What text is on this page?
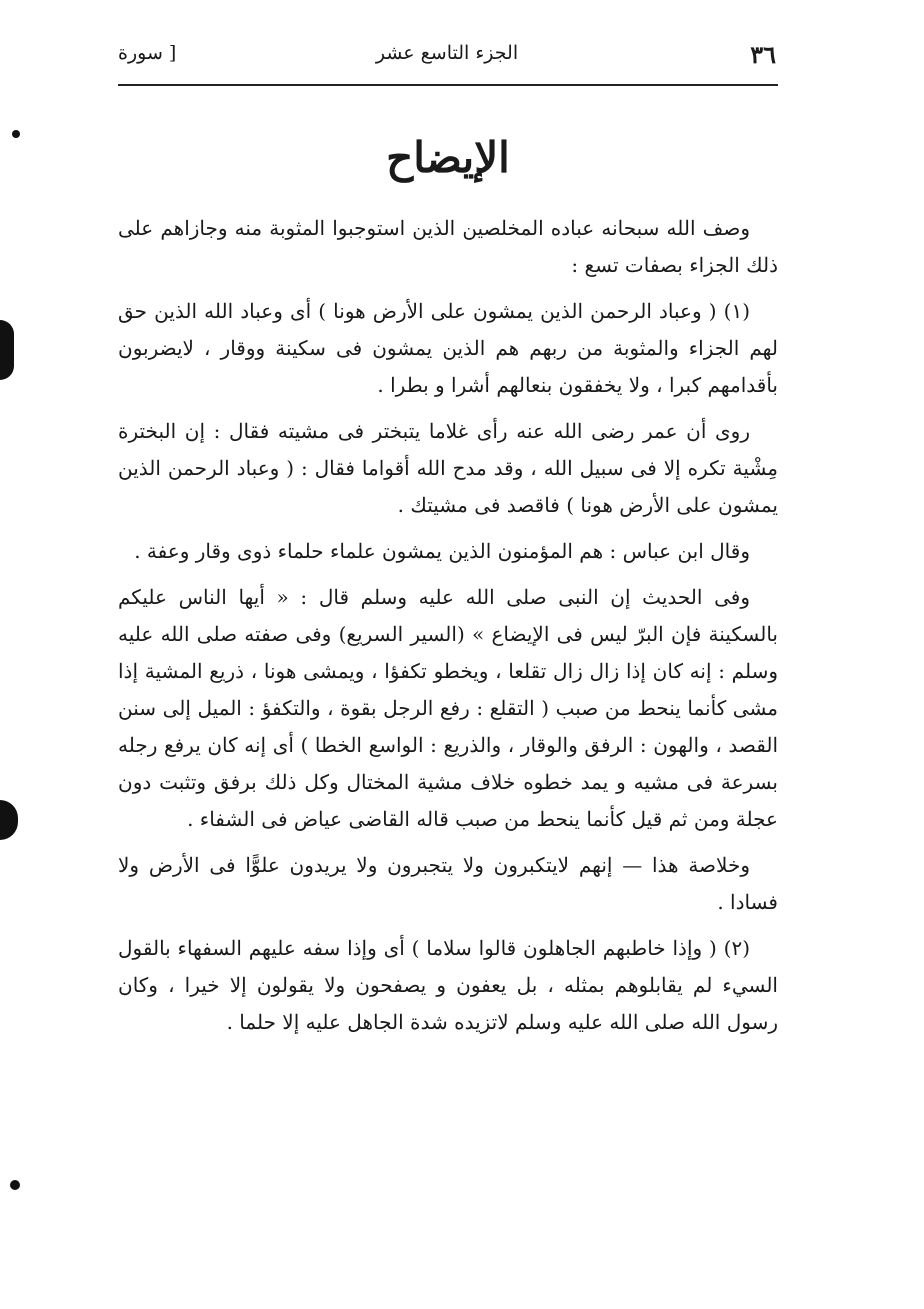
٣٦
الجزء التاسع عشر
[ سورة
الإيضاح

وصف الله سبحانه عباده المخلصين الذين استوجبوا المثوبة منه وجازاهم على ذلك الجزاء بصفات تسع :

(١) ( وعباد الرحمن الذين يمشون على الأرض هونا ) أى وعباد الله الذين حق لهم الجزاء والمثوبة من ربهم هم الذين يمشون فى سكينة ووقار ، لايضربون بأقدامهم كبرا ، ولا يخفقون بنعالهم أشرا و بطرا .

روى أن عمر رضى الله عنه رأى غلاما يتبختر فى مشيته فقال : إن البخترة مِشْية تكره إلا فى سبيل الله ، وقد مدح الله أقواما فقال : ( وعباد الرحمن الذين يمشون على الأرض هونا ) فاقصد فى مشيتك .

وقال ابن عباس : هم المؤمنون الذين يمشون علماء حلماء ذوى وقار وعفة .

وفى الحديث إن النبى صلى الله عليه وسلم قال : « أيها الناس عليكم بالسكينة فإن البرّ ليس فى الإيضاع » (السير السريع) وفى صفته صلى الله عليه وسلم : إنه كان إذا زال زال تقلعا ، ويخطو تكفؤا ، ويمشى هونا ، ذريع المشية إذا مشى كأنما ينحط من صبب ( التقلع : رفع الرجل بقوة ، والتكفؤ : الميل إلى سنن القصد ، والهون : الرفق والوقار ، والذريع : الواسع الخطا ) أى إنه كان يرفع رجله بسرعة فى مشيه و يمد خطوه خلاف مشية المختال وكل ذلك برفق وتثبت دون عجلة ومن ثم قيل كأنما ينحط من صبب قاله القاضى عياض فى الشفاء .

وخلاصة هذا — إنهم لايتكبرون ولا يتجبرون ولا يريدون علوًّا فى الأرض ولا فسادا .

(٢) ( وإذا خاطبهم الجاهلون قالوا سلاما ) أى وإذا سفه عليهم السفهاء بالقول السيء لم يقابلوهم بمثله ، بل يعفون و يصفحون ولا يقولون إلا خيرا ، وكان رسول الله صلى الله عليه وسلم لاتزيده شدة الجاهل عليه إلا حلما .
